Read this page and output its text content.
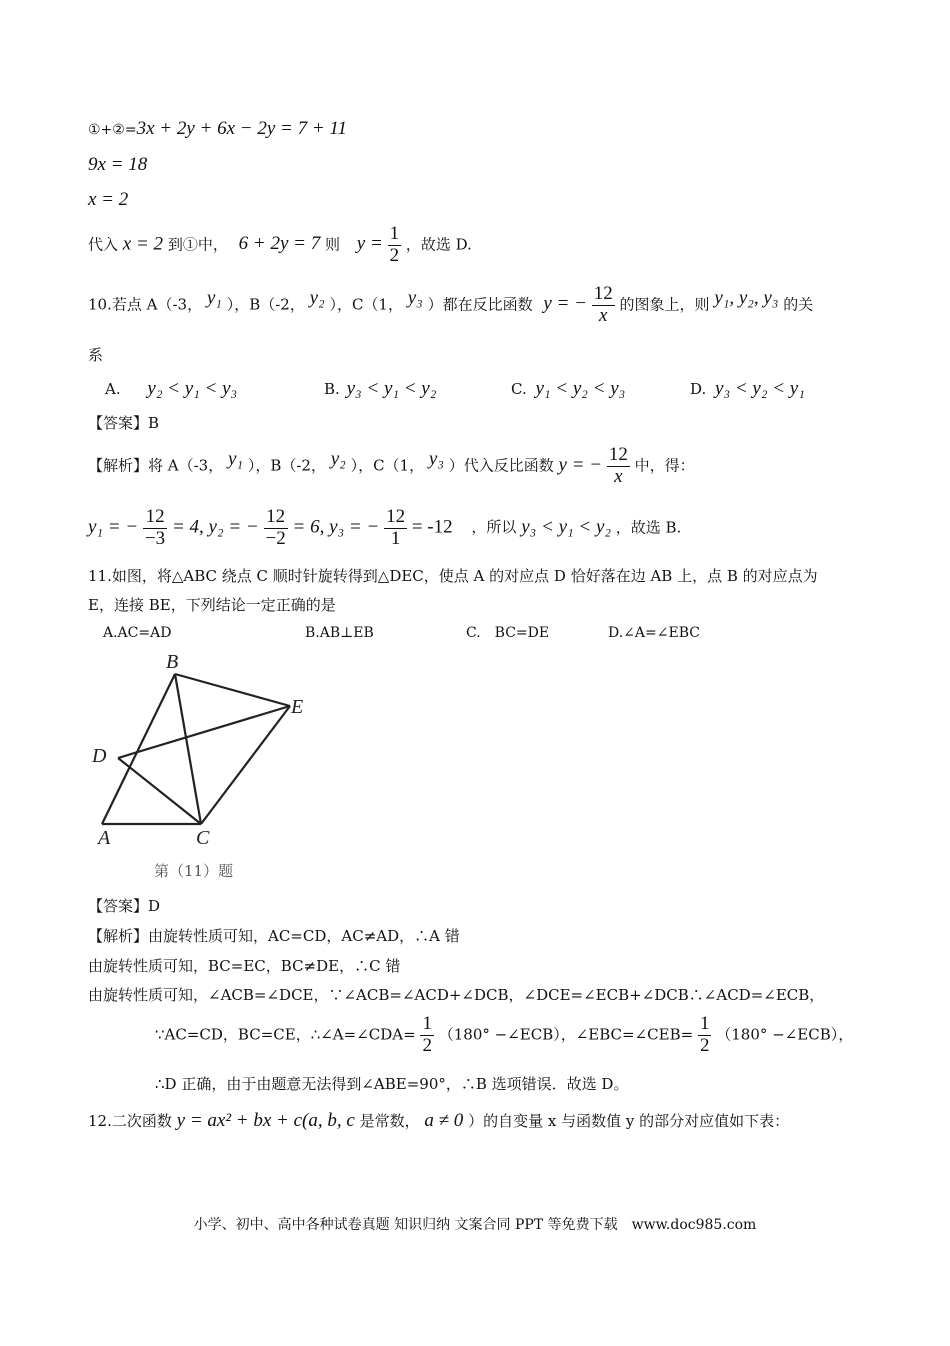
①+②=3x + 2y + 6x − 2y = 7 + 11
9x = 18
x = 2
代入 x = 2 到①中， 6 + 2y = 7 则 $y = \frac{1}{2}$ ，故选 D.
10.若点 A（-3， y₁ ），B（-2， y₂ ），C（1， y₃ ）都在反比函数 y = − $\frac{12}{x}$ 的图象上，则 y₁, y₂, y₃ 的关
系
A. y₂ < y₁ < y₃	B. y₃ < y₁ < y₂	C. y₁ < y₂ < y₃	D. y₃ < y₂ < y₁
【答案】B
【解析】将 A（-3， y₁ ），B（-2， y₂ ），C（1， y₃ ）代入反比函数 y = − $\frac{12}{x}$ 中，得：
y₁ = − $\frac{12}{-3} = 4$, y₂ = − $\frac{12}{-2} = 6$, y₃ = − $\frac{12}{1} = -12$ ，所以 y₃ < y₁ < y₂ ，故选 B.
11.如图，将△ABC 绕点 C 顺时针旋转得到△DEC，使点 A 的对应点 D 恰好落在边 AB 上，点 B 的对应点为
E，连接 BE，下列结论一定正确的是
A.AC=AD	B.AB⊥EB	C.　BC=DE	D.∠A=∠EBC
B
E
D
A	C
第（11）题
【答案】D
【解析】由旋转性质可知，AC=CD，AC≠AD，∴A 错
由旋转性质可知，BC=EC，BC≠DE，∴C 错
由旋转性质可知，∠ACB=∠DCE，∵∠ACB=∠ACD+∠DCB，∠DCE=∠ECB+∠DCB∴∠ACD=∠ECB，
∵AC=CD，BC=CE，∴∠A=∠CDA= $\frac{1}{2} (180^\circ$ −∠ECB），∠EBC=∠CEB= $\frac{1}{2} (180^\circ$ −∠ECB），
∴D 正确，由于由题意无法得到∠ABE=90°，∴B 选项错误．故选 D。
12.二次函数 y = ax² + bx + c(a, b, c 是常数， a ≠ 0 ）的自变量 x 与函数值 y 的部分对应值如下表：
小学、初中、高中各种试卷真题 知识归纳 文案合同 PPT 等免费下载　www.doc985.com
